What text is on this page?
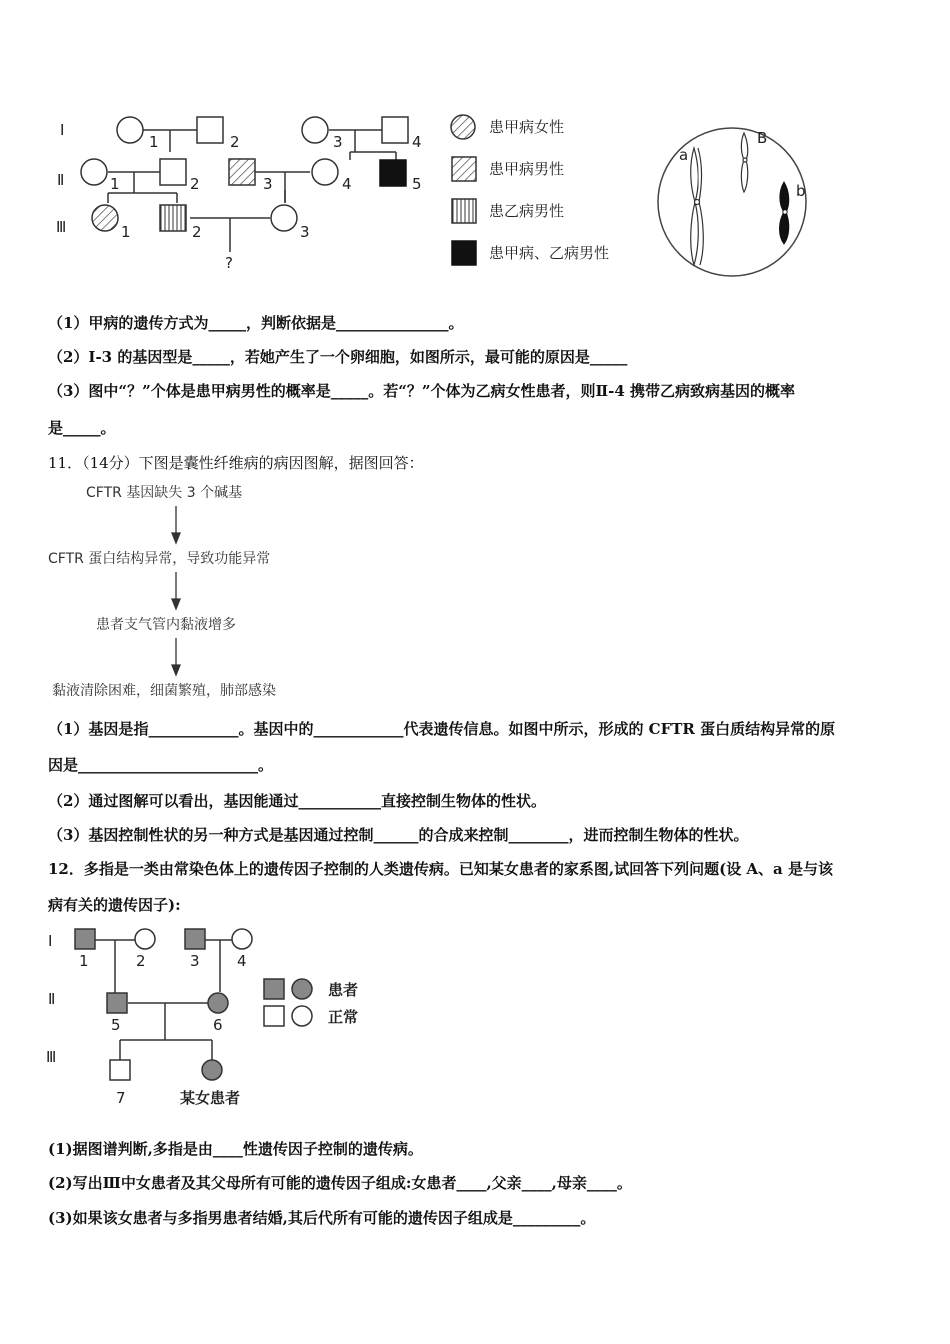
Ⅰ
Ⅱ
Ⅲ
1	2	3	4
1	2	3	4	5
1	2	3
?
患甲病女性
患甲病男性
患乙病男性
患甲病、乙病男性
a
B
b
（1）甲病的遗传方式为_____，判断依据是_______________。
（2）Ⅰ-3 的基因型是_____，若她产生了一个卵细胞，如图所示，最可能的原因是_____
（3）图中“？”个体是患甲病男性的概率是_____。若“？”个体为乙病女性患者，则Ⅱ-4 携带乙病致病基因的概率
是_____。
11．（14分）下图是囊性纤维病的病因图解，据图回答：
CFTR 基因缺失 3 个碱基
CFTR 蛋白结构异常，导致功能异常
患者支气管内黏液增多
黏液清除困难，细菌繁殖，肺部感染
（1）基因是指____________。基因中的____________代表遗传信息。如图中所示，形成的 CFTR 蛋白质结构异常的原
因是________________________。
（2）通过图解可以看出，基因能通过___________直接控制生物体的性状。
（3）基因控制性状的另一种方式是基因通过控制______的合成来控制________，进而控制生物体的性状。
12．多指是一类由常染色体上的遗传因子控制的人类遗传病。已知某女患者的家系图,试回答下列问题(设 A、a 是与该
病有关的遗传因子):
Ⅰ
Ⅱ
Ⅲ
1	2	3 4
5	6
7	某女患者
患者
正常
(1)据图谱判断,多指是由____性遗传因子控制的遗传病。
(2)写出Ⅲ中女患者及其父母所有可能的遗传因子组成:女患者____,父亲____,母亲____。
(3)如果该女患者与多指男患者结婚,其后代所有可能的遗传因子组成是_________。
